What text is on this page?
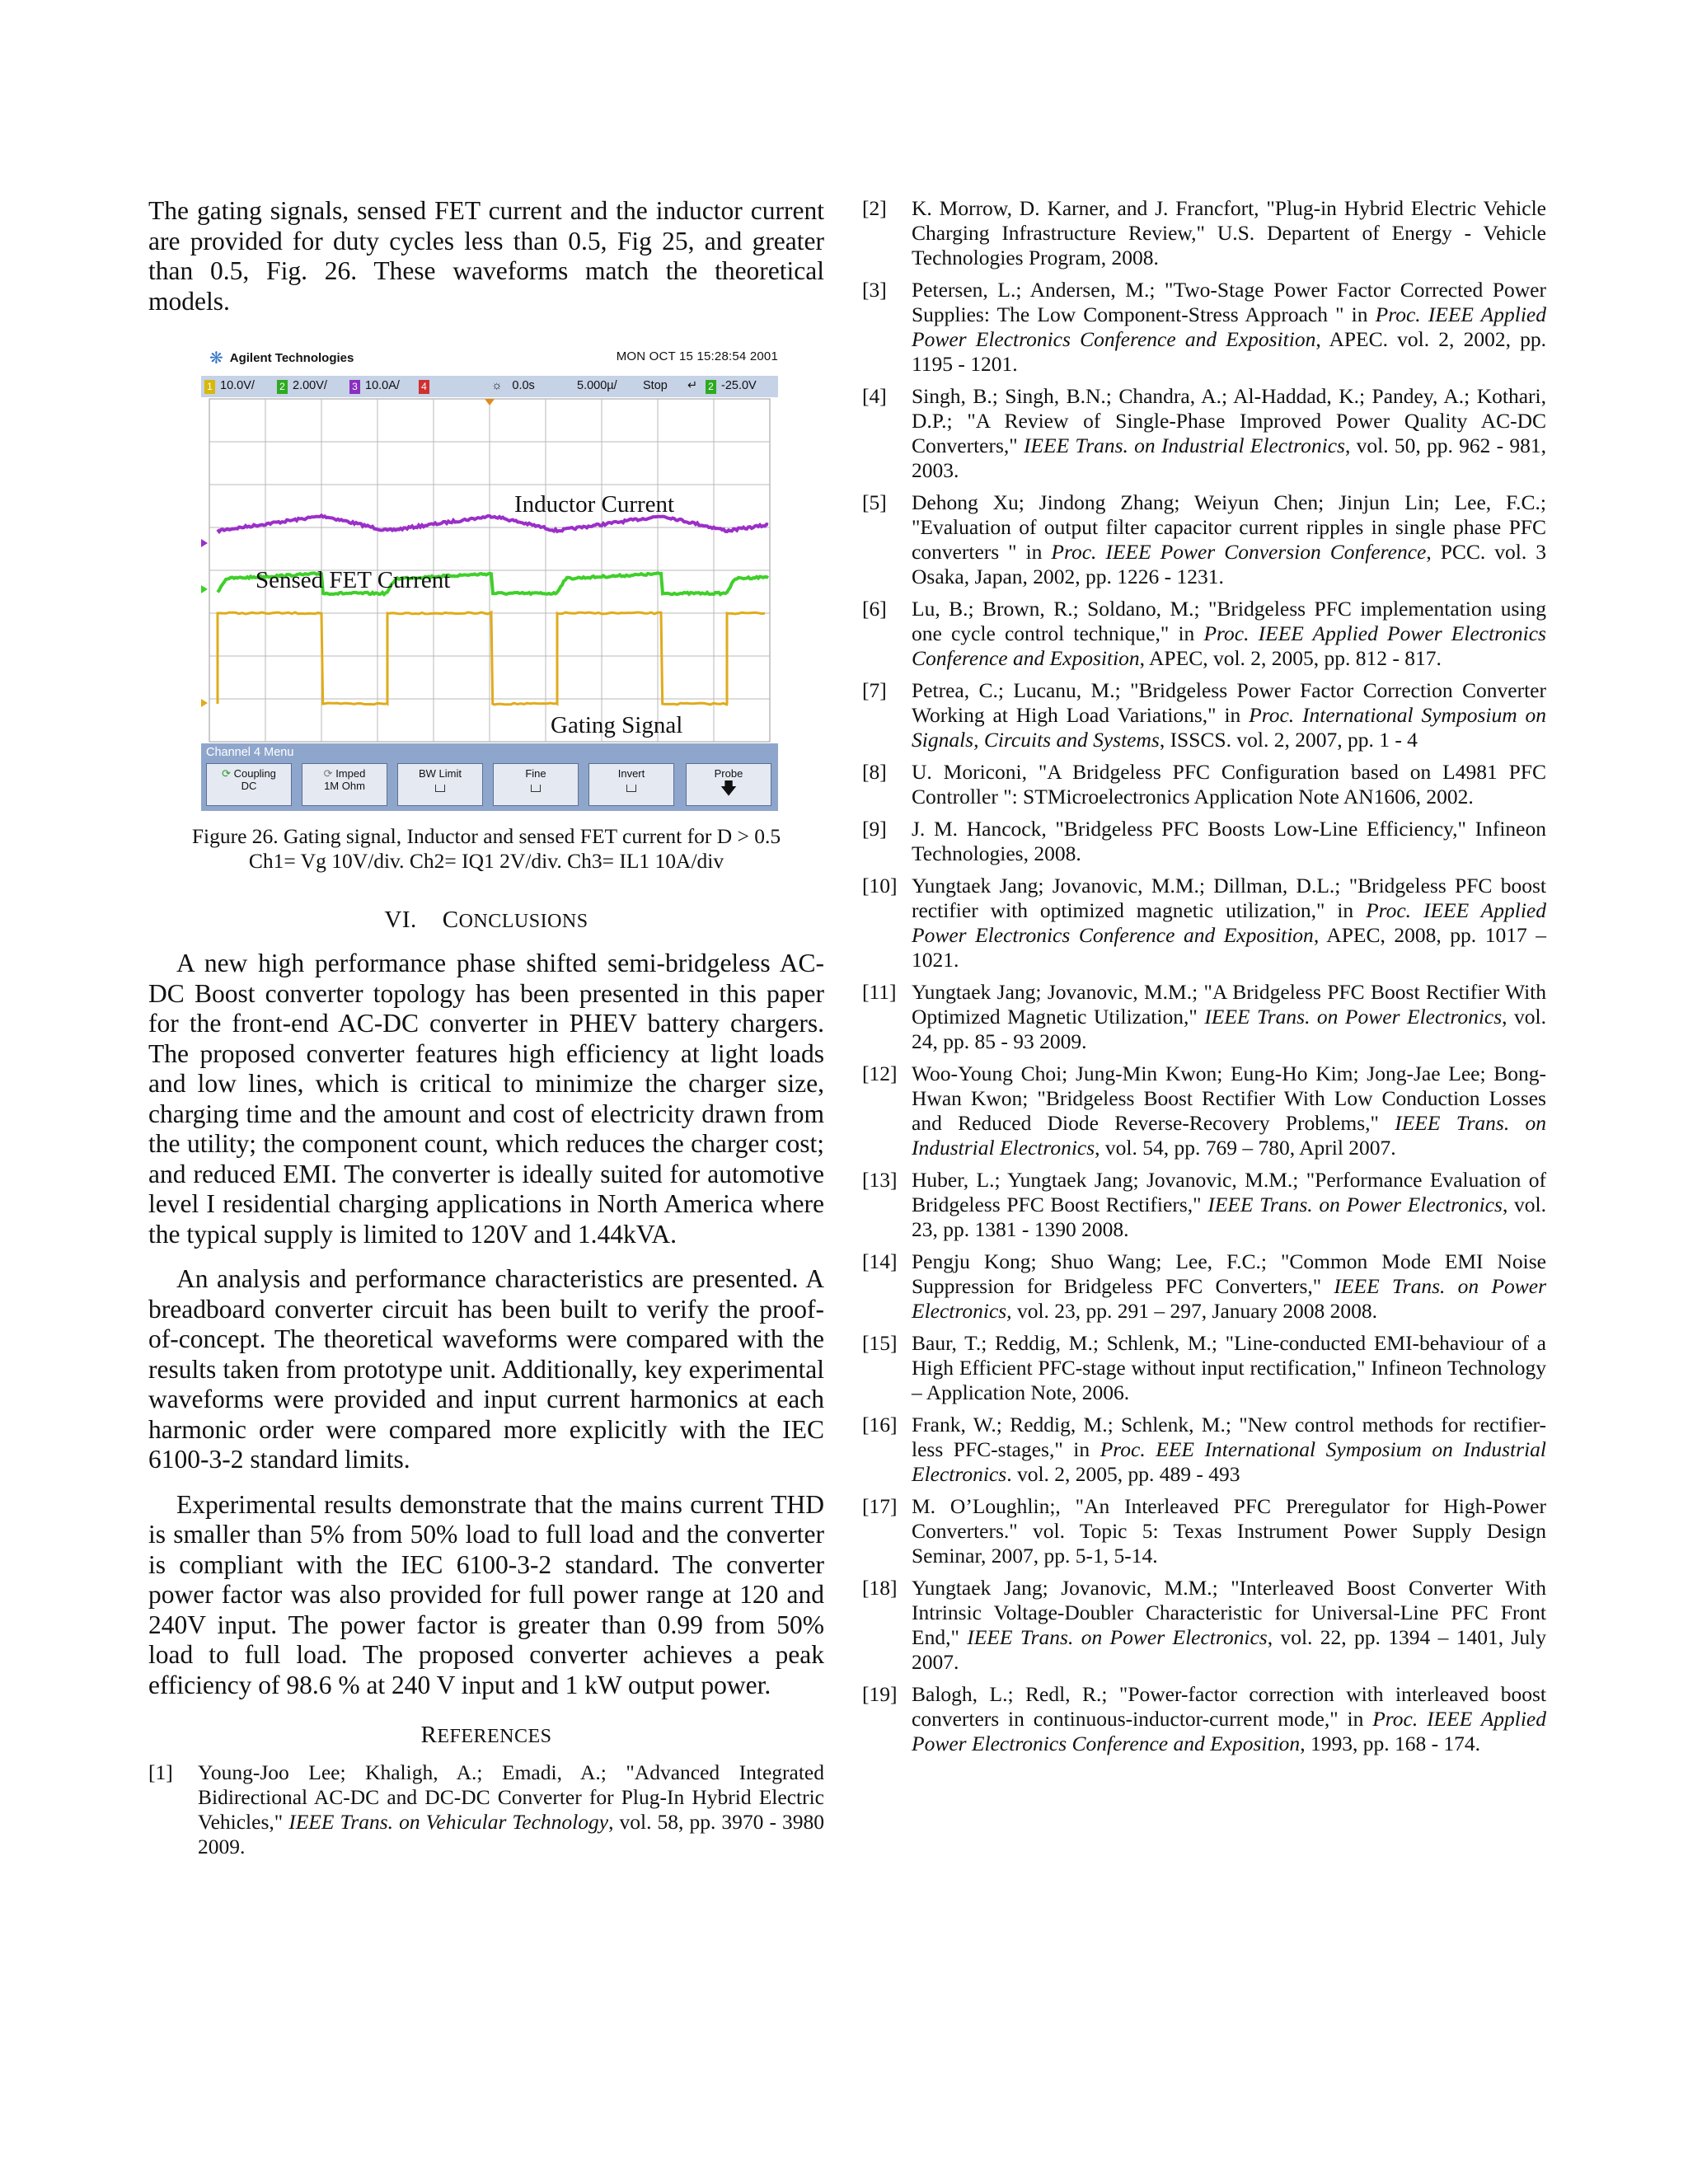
The gating signals, sensed FET current and the inductor current are provided for duty cycles less than 0.5, Fig 25, and greater than 0.5, Fig. 26. These waveforms match the theoretical models.

❋ Agilent Technologies	MON OCT 15 15:28:54 2001
1 10.0V/	2 2.00V/	3 10.0A/ 4	☼ 0.0s	5.000µ/ Stop ↵ 2 -25.0V
Inductor Current
Sensed FET Current
Gating Signal
Channel 4 Menu
⟳ Coupling
DC
⟳ Imped
1M Ohm
BW Limit	Fine	Invert	Probe
🡇

Figure 26. Gating signal, Inductor and sensed FET current for D > 0.5
Ch1= Vg 10V/div. Ch2= IQ1 2V/div. Ch3= IL1 10A/div

VI. CONCLUSIONS

A new high performance phase shifted semi-bridgeless AC-DC Boost converter topology has been presented in this paper for the front-end AC-DC converter in PHEV battery chargers. The proposed converter features high efficiency at light loads and low lines, which is critical to minimize the charger size, charging time and the amount and cost of electricity drawn from the utility; the component count, which reduces the charger cost; and reduced EMI. The converter is ideally suited for automotive level I residential charging applications in North America where the typical supply is limited to 120V and 1.44kVA.

An analysis and performance characteristics are presented. A breadboard converter circuit has been built to verify the proof-of-concept. The theoretical waveforms were compared with the results taken from prototype unit. Additionally, key experimental waveforms were provided and input current harmonics at each harmonic order were compared more explicitly with the IEC 6100-3-2 standard limits.

Experimental results demonstrate that the mains current THD is smaller than 5% from 50% load to full load and the converter is compliant with the IEC 6100-3-2 standard. The converter power factor was also provided for full power range at 120 and 240V input. The power factor is greater than 0.99 from 50% load to full load. The proposed converter achieves a peak efficiency of 98.6 % at 240 V input and 1 kW output power.

REFERENCES
[1] Young-Joo Lee; Khaligh, A.; Emadi, A.; "Advanced Integrated Bidirectional AC-DC and DC-DC Converter for Plug-In Hybrid Electric Vehicles," IEEE Trans. on Vehicular Technology, vol. 58, pp. 3970 - 3980 2009.
[2] K. Morrow, D. Karner, and J. Francfort, "Plug-in Hybrid Electric Vehicle Charging Infrastructure Review," U.S. Departent of Energy - Vehicle Technologies Program, 2008.
[3] Petersen, L.; Andersen, M.; "Two-Stage Power Factor Corrected Power Supplies: The Low Component-Stress Approach " in Proc. IEEE Applied Power Electronics Conference and Exposition, APEC. vol. 2, 2002, pp. 1195 - 1201.
[4] Singh, B.; Singh, B.N.; Chandra, A.; Al-Haddad, K.; Pandey, A.; Kothari, D.P.; "A Review of Single-Phase Improved Power Quality AC-DC Converters," IEEE Trans. on Industrial Electronics, vol. 50, pp. 962 - 981, 2003.
[5] Dehong Xu; Jindong Zhang; Weiyun Chen; Jinjun Lin; Lee, F.C.; "Evaluation of output filter capacitor current ripples in single phase PFC converters " in Proc. IEEE Power Conversion Conference, PCC. vol. 3 Osaka, Japan, 2002, pp. 1226 - 1231.
[6] Lu, B.; Brown, R.; Soldano, M.; "Bridgeless PFC implementation using one cycle control technique," in Proc. IEEE Applied Power Electronics Conference and Exposition, APEC, vol. 2, 2005, pp. 812 - 817.
[7] Petrea, C.; Lucanu, M.; "Bridgeless Power Factor Correction Converter Working at High Load Variations," in Proc. International Symposium on Signals, Circuits and Systems, ISSCS. vol. 2, 2007, pp. 1 - 4
[8] U. Moriconi, "A Bridgeless PFC Configuration based on L4981 PFC Controller ": STMicroelectronics Application Note AN1606, 2002.
[9] J. M. Hancock, "Bridgeless PFC Boosts Low-Line Efficiency," Infineon Technologies, 2008.
[10] Yungtaek Jang; Jovanovic, M.M.; Dillman, D.L.; "Bridgeless PFC boost rectifier with optimized magnetic utilization," in Proc. IEEE Applied Power Electronics Conference and Exposition, APEC, 2008, pp. 1017 – 1021.
[11] Yungtaek Jang; Jovanovic, M.M.; "A Bridgeless PFC Boost Rectifier With Optimized Magnetic Utilization," IEEE Trans. on Power Electronics, vol. 24, pp. 85 - 93 2009.
[12] Woo-Young Choi; Jung-Min Kwon; Eung-Ho Kim; Jong-Jae Lee; Bong-Hwan Kwon; "Bridgeless Boost Rectifier With Low Conduction Losses and Reduced Diode Reverse-Recovery Problems," IEEE Trans. on Industrial Electronics, vol. 54, pp. 769 – 780, April 2007.
[13] Huber, L.; Yungtaek Jang; Jovanovic, M.M.; "Performance Evaluation of Bridgeless PFC Boost Rectifiers," IEEE Trans. on Power Electronics, vol. 23, pp. 1381 - 1390 2008.
[14] Pengju Kong; Shuo Wang; Lee, F.C.; "Common Mode EMI Noise Suppression for Bridgeless PFC Converters," IEEE Trans. on Power Electronics, vol. 23, pp. 291 – 297, January 2008 2008.
[15] Baur, T.; Reddig, M.; Schlenk, M.; "Line-conducted EMI-behaviour of a High Efficient PFC-stage without input rectification," Infineon Technology – Application Note, 2006.
[16] Frank, W.; Reddig, M.; Schlenk, M.; "New control methods for rectifier-less PFC-stages," in Proc. EEE International Symposium on Industrial Electronics. vol. 2, 2005, pp. 489 - 493
[17] M. O’Loughlin;, "An Interleaved PFC Preregulator for High-Power Converters." vol. Topic 5: Texas Instrument Power Supply Design Seminar, 2007, pp. 5-1, 5-14.
[18] Yungtaek Jang; Jovanovic, M.M.; "Interleaved Boost Converter With Intrinsic Voltage-Doubler Characteristic for Universal-Line PFC Front End," IEEE Trans. on Power Electronics, vol. 22, pp. 1394 – 1401, July 2007.
[19] Balogh, L.; Redl, R.; "Power-factor correction with interleaved boost converters in continuous-inductor-current mode," in Proc. IEEE Applied Power Electronics Conference and Exposition, 1993, pp. 168 - 174.
